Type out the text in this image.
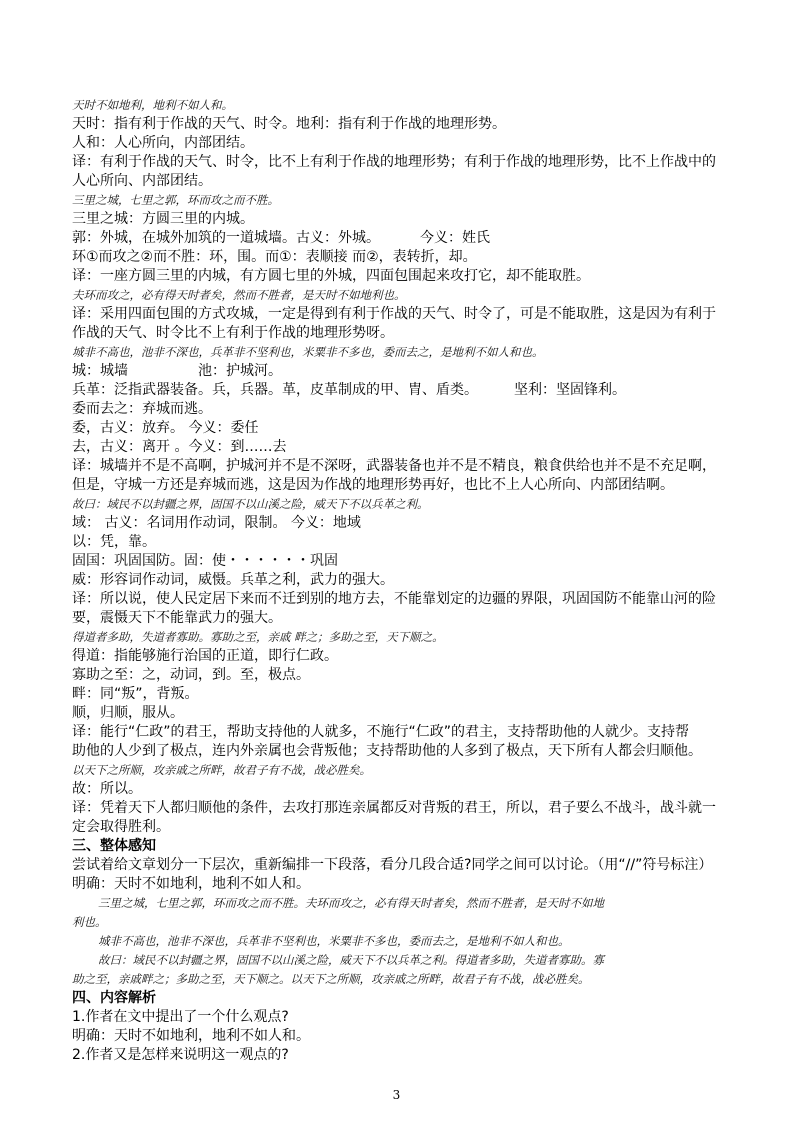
天时不如地利，地利不如人和。
天时：指有利于作战的天气、时令。地利：指有利于作战的地理形势。
人和：人心所向，内部团结。
译：有利于作战的天气、时令，比不上有利于作战的地理形势；有利于作战的地理形势，比不上作战中的
人心所向、内部团结。
三里之城，七里之郭，环而攻之而不胜。
三里之城：方圆三里的内城。
郭：外城，在城外加筑的一道城墙。古义：外城。	今义：姓氏
环①而攻之②而不胜：环，围。而①：表顺接 而②，表转折，却。
译：一座方圆三里的内城，有方圆七里的外城，四面包围起来攻打它，却不能取胜。
夫环而攻之，必有得天时者矣，然而不胜者，是天时不如地利也。
译：采用四面包围的方式攻城，一定是得到有利于作战的天气、时令了，可是不能取胜，这是因为有利于
作战的天气、时令比不上有利于作战的地理形势呀。
城非不高也，池非不深也，兵革非不坚利也，米粟非不多也，委而去之，是地利不如人和也。
城：城墙	池：护城河。
兵革：泛指武器装备。兵，兵器。革，皮革制成的甲、胄、盾类。	坚利：坚固锋利。
委而去之：弃城而逃。
委，古义：放弃。 今义：委任
去，古义：离开 。今义：到……去
译：城墙并不是不高啊，护城河并不是不深呀，武器装备也并不是不精良，粮食供给也并不是不充足啊，
但是，守城一方还是弃城而逃，这是因为作战的地理形势再好，也比不上人心所向、内部团结啊。
故曰：域民不以封疆之界，固国不以山溪之险，威天下不以兵革之利。
域： 古义：名词用作动词，限制。 今义：地域
以：凭，靠。
固国：巩固国防。固：使・・・・・・巩固
威：形容词作动词，威慑。兵革之利，武力的强大。
译：所以说，使人民定居下来而不迁到别的地方去，不能靠划定的边疆的界限，巩固国防不能靠山河的险
要，震慑天下不能靠武力的强大。
得道者多助，失道者寡助。寡助之至，亲戚 畔之；多助之至，天下顺之。
得道：指能够施行治国的正道，即行仁政。
寡助之至：之，动词，到。至，极点。
畔：同“叛”，背叛。
顺，归顺，服从。
译：能行“仁政”的君王，帮助支持他的人就多，不施行“仁政”的君主，支持帮助他的人就少。支持帮
助他的人少到了极点，连内外亲属也会背叛他；支持帮助他的人多到了极点，天下所有人都会归顺他。
以天下之所顺，攻亲戚之所畔，故君子有不战，战必胜矣。
故：所以。
译：凭着天下人都归顺他的条件，去攻打那连亲属都反对背叛的君王，所以，君子要么不战斗，战斗就一
定会取得胜利。
三、整体感知
尝试着给文章划分一下层次，重新编排一下段落，看分几段合适?同学之间可以讨论。（用“//”符号标注）
明确：天时不如地利，地利不如人和。
三里之城，七里之郭，环而攻之而不胜。夫环而攻之，必有得天时者矣，然而不胜者，是天时不如地
利也。
城非不高也，池非不深也，兵革非不坚利也，米粟非不多也，委而去之，是地利不如人和也。
故曰：域民不以封疆之界，固国不以山溪之险，威天下不以兵革之利。得道者多助，失道者寡助。寡
助之至，亲戚畔之；多助之至，天下顺之。以天下之所顺，攻亲戚之所畔，故君子有不战，战必胜矣。
四、内容解析
1.作者在文中提出了一个什么观点?
明确：天时不如地利，地利不如人和。
2.作者又是怎样来说明这一观点的?
3
